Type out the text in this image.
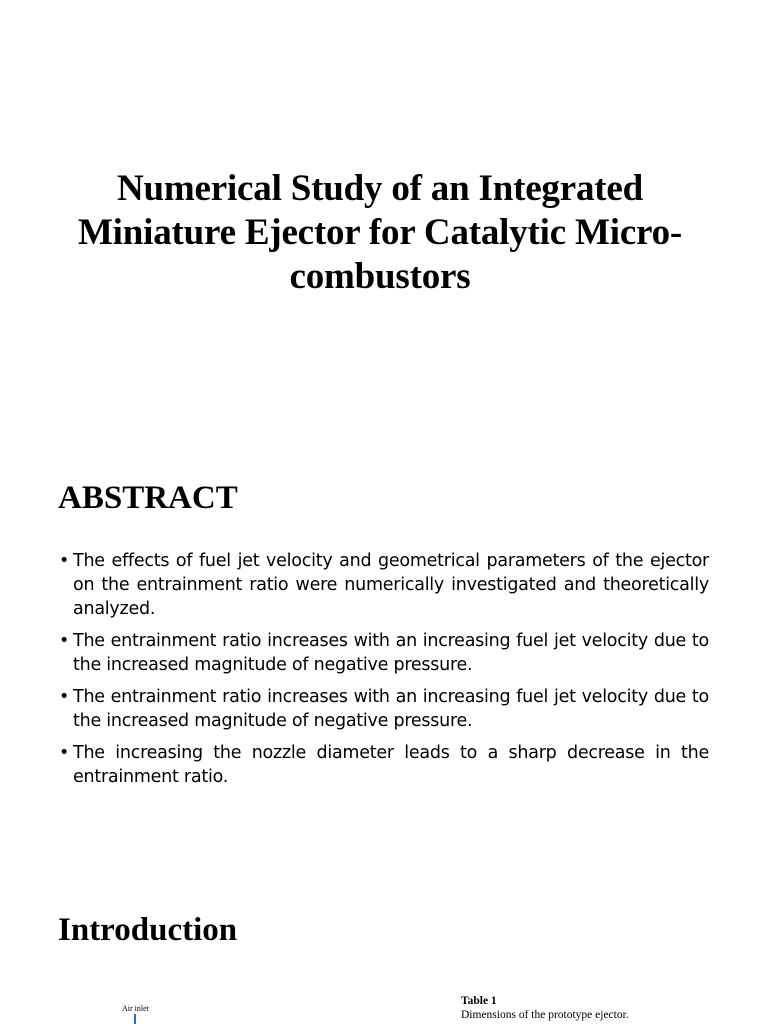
Numerical Study of an Integrated Miniature Ejector for Catalytic Micro-combustors
ABSTRACT
• The effects of fuel jet velocity and geometrical parameters of the ejector on the entrainment ratio were numerically investigated and theoretically analyzed.
• The entrainment ratio increases with an increasing fuel jet velocity due to the increased magnitude of negative pressure.
• The entrainment ratio increases with an increasing fuel jet velocity due to the increased magnitude of negative pressure.
• The increasing the nozzle diameter leads to a sharp decrease in the entrainment ratio.
Introduction
Air inlet
Table 1
Dimensions of the prototype ejector.
